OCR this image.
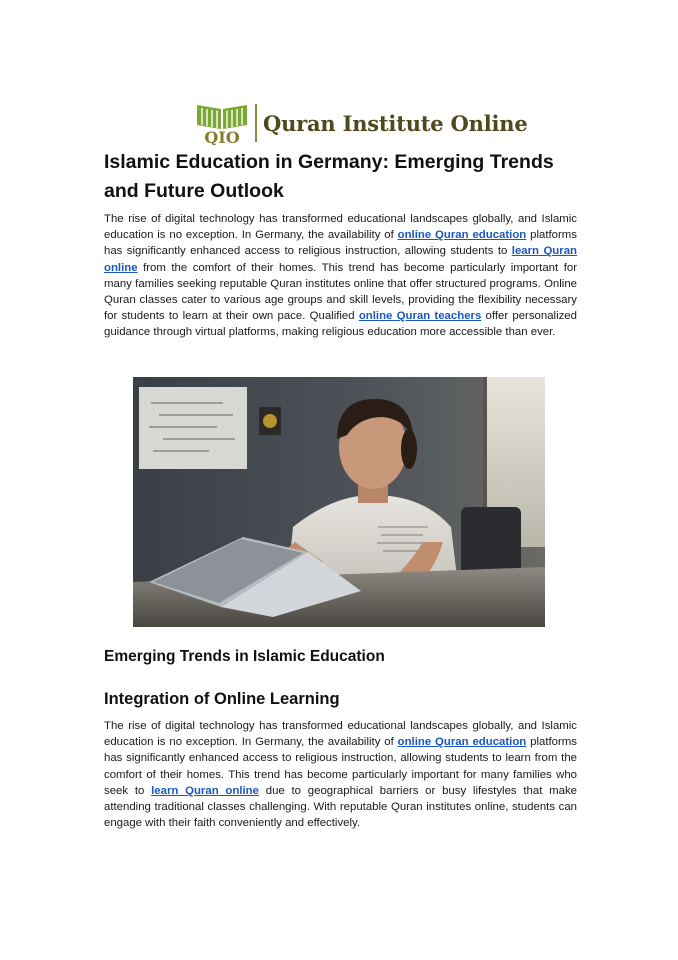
QIO
Quran Institute Online
Islamic Education in Germany: Emerging Trends and Future Outlook

The rise of digital technology has transformed educational landscapes globally, and Islamic education is no exception. In Germany, the availability of online Quran education platforms has significantly enhanced access to religious instruction, allowing students to learn Quran online from the comfort of their homes. This trend has become particularly important for many families seeking reputable Quran institutes online that offer structured programs. Online Quran classes cater to various age groups and skill levels, providing the flexibility necessary for students to learn at their own pace. Qualified online Quran teachers offer personalized guidance through virtual platforms, making religious education more accessible than ever.

Emerging Trends in Islamic Education
Integration of Online Learning

The rise of digital technology has transformed educational landscapes globally, and Islamic education is no exception. In Germany, the availability of online Quran education platforms has significantly enhanced access to religious instruction, allowing students to learn from the comfort of their homes. This trend has become particularly important for many families who seek to learn Quran online due to geographical barriers or busy lifestyles that make attending traditional classes challenging. With reputable Quran institutes online, students can engage with their faith conveniently and effectively.
